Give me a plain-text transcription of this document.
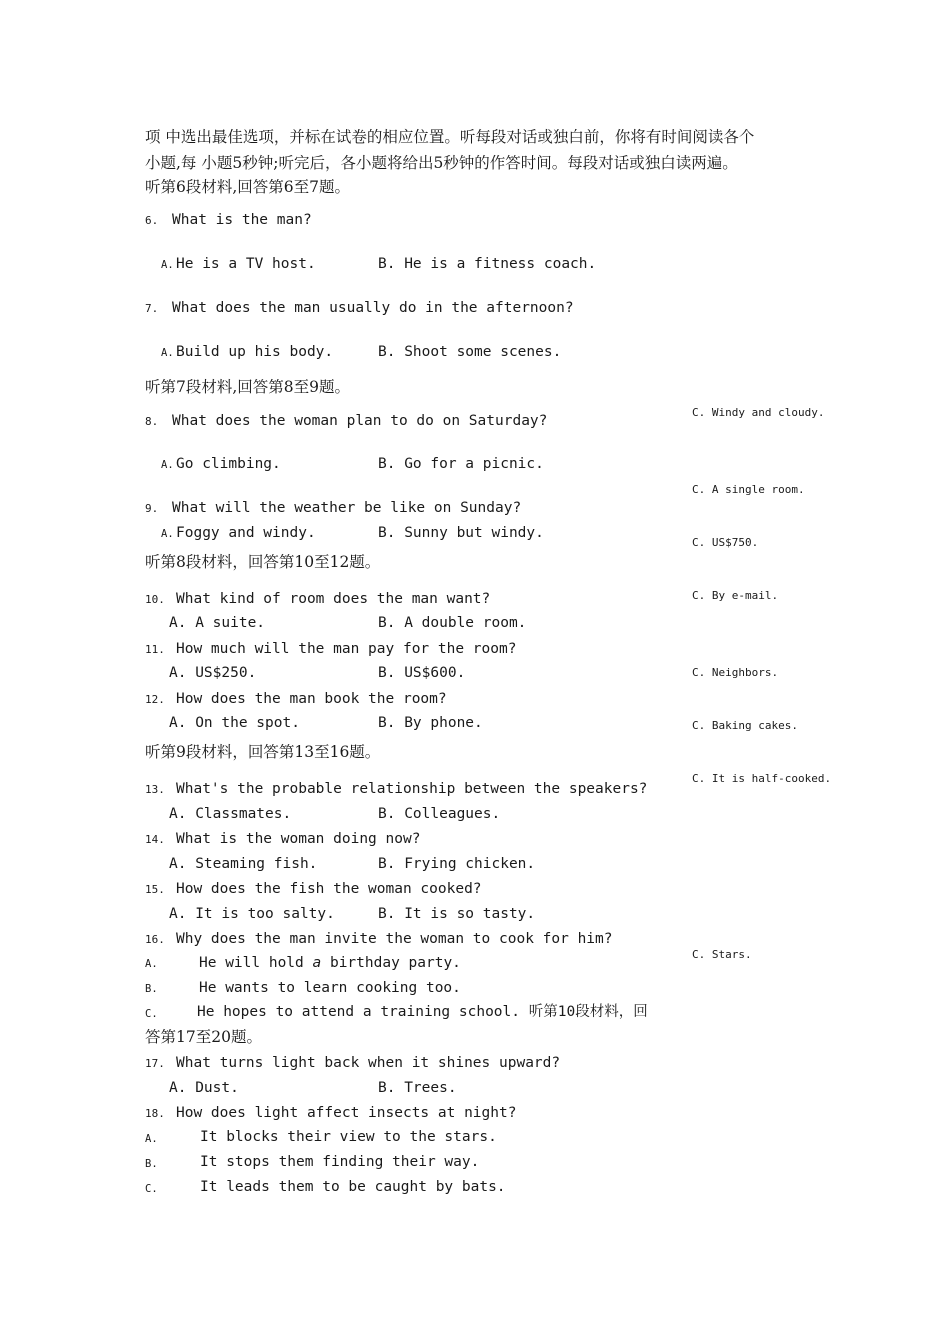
项 中选出最佳选项，并标在试卷的相应位置。听每段对话或独白前，你将有时间阅读各个
小题,每 小题5秒钟;听完后，各小题将给出5秒钟的作答时间。每段对话或独白读两遍。
听第6段材料,回答第6至7题。
6. What is the man?
A. He is a TV host.	B. He is a fitness coach.
7. What does the man usually do in the afternoon?
A. Build up his body.	B. Shoot some scenes.
听第7段材料,回答第8至9题。
8. What does the woman plan to do on Saturday?
A. Go climbing.	B. Go for a picnic.
9. What will the weather be like on Sunday?
A. Foggy and windy.	B. Sunny but windy.
听第8段材料，回答第10至12题。
10. What kind of room does the man want?
A. A suite.	B. A double room.
11. How much will the man pay for the room?
A. US$250.	B. US$600.
12. How does the man book the room?
A. On the spot.	B. By phone.
听第9段材料，回答第13至16题。
13. What's the probable relationship between the speakers?
A. Classmates.	B. Colleagues.
14. What is the woman doing now?
A. Steaming fish.	B. Frying chicken.
15. How does the fish the woman cooked?
A. It is too salty.	B. It is so tasty.
16. Why does the man invite the woman to cook for him?
A.	He will hold a birthday party.
B.	He wants to learn cooking too.
C.	He hopes to attend a training school. 听第10段材料，回
答第17至20题。
17. What turns light back when it shines upward?
A. Dust.	B. Trees.
18. How does light affect insects at night?
A.	It blocks their view to the stars.
B.	It stops them finding their way.
C.	It leads them to be caught by bats.
C. Windy and cloudy.
C. A single room.
C. US$750.
C. By e-mail.
C. Neighbors.
C. Baking cakes.
C. It is half-cooked.
C. Stars.
